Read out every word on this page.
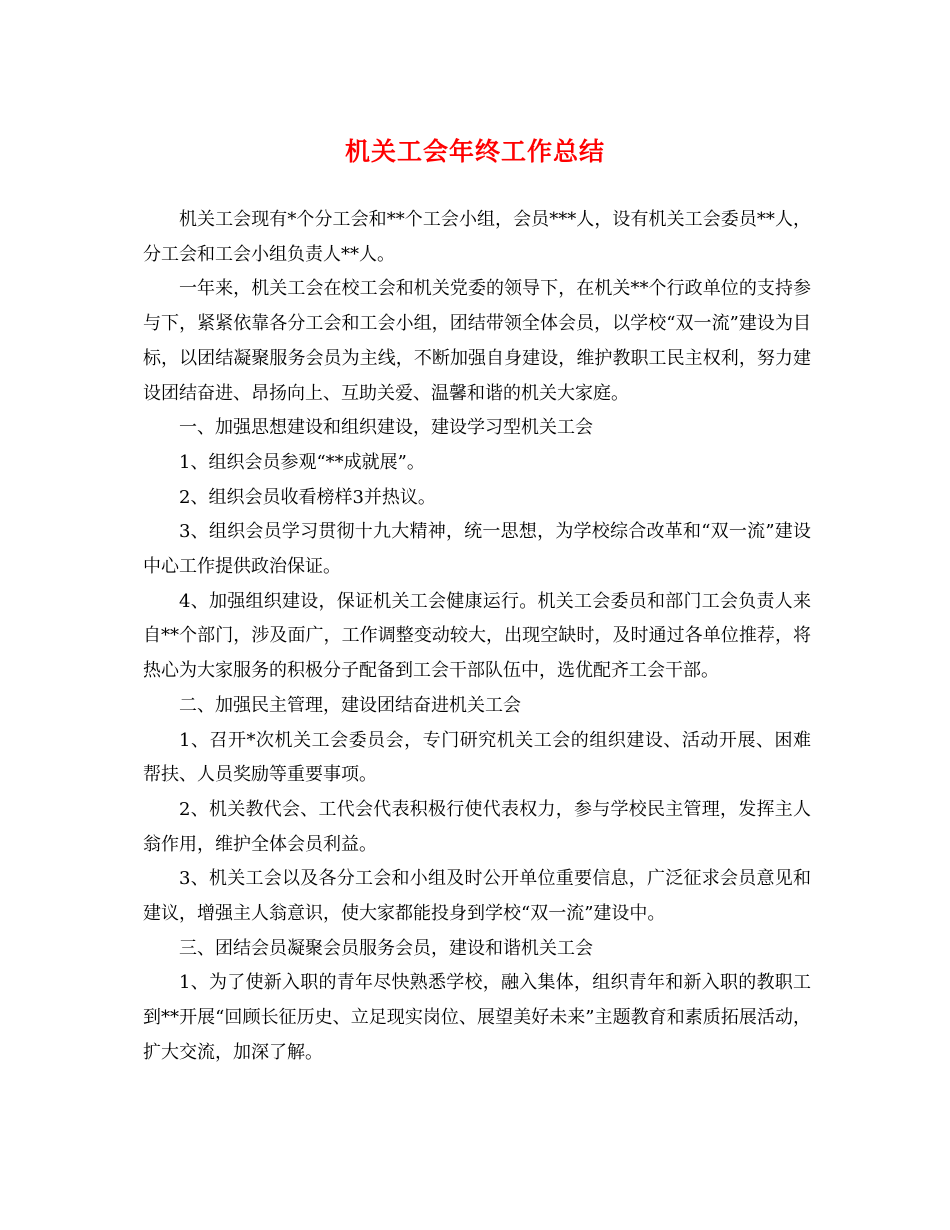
机关工会年终工作总结

机关工会现有*个分工会和**个工会小组，会员***人，设有机关工会委员**人，分工会和工会小组负责人**人。

一年来，机关工会在校工会和机关党委的领导下，在机关**个行政单位的支持参与下，紧紧依靠各分工会和工会小组，团结带领全体会员，以学校“双一流”建设为目标，以团结凝聚服务会员为主线，不断加强自身建设，维护教职工民主权利，努力建设团结奋进、昂扬向上、互助关爱、温馨和谐的机关大家庭。

一、加强思想建设和组织建设，建设学习型机关工会

1、组织会员参观“**成就展”。

2、组织会员收看榜样3并热议。

3、组织会员学习贯彻十九大精神，统一思想，为学校综合改革和“双一流”建设中心工作提供政治保证。

4、加强组织建设，保证机关工会健康运行。机关工会委员和部门工会负责人来自**个部门，涉及面广，工作调整变动较大，出现空缺时，及时通过各单位推荐，将热心为大家服务的积极分子配备到工会干部队伍中，选优配齐工会干部。

二、加强民主管理，建设团结奋进机关工会

1、召开*次机关工会委员会，专门研究机关工会的组织建设、活动开展、困难帮扶、人员奖励等重要事项。

2、机关教代会、工代会代表积极行使代表权力，参与学校民主管理，发挥主人翁作用，维护全体会员利益。

3、机关工会以及各分工会和小组及时公开单位重要信息，广泛征求会员意见和建议，增强主人翁意识，使大家都能投身到学校“双一流”建设中。

三、团结会员凝聚会员服务会员，建设和谐机关工会

1、为了使新入职的青年尽快熟悉学校，融入集体，组织青年和新入职的教职工到**开展“回顾长征历史、立足现实岗位、展望美好未来”主题教育和素质拓展活动，扩大交流，加深了解。
